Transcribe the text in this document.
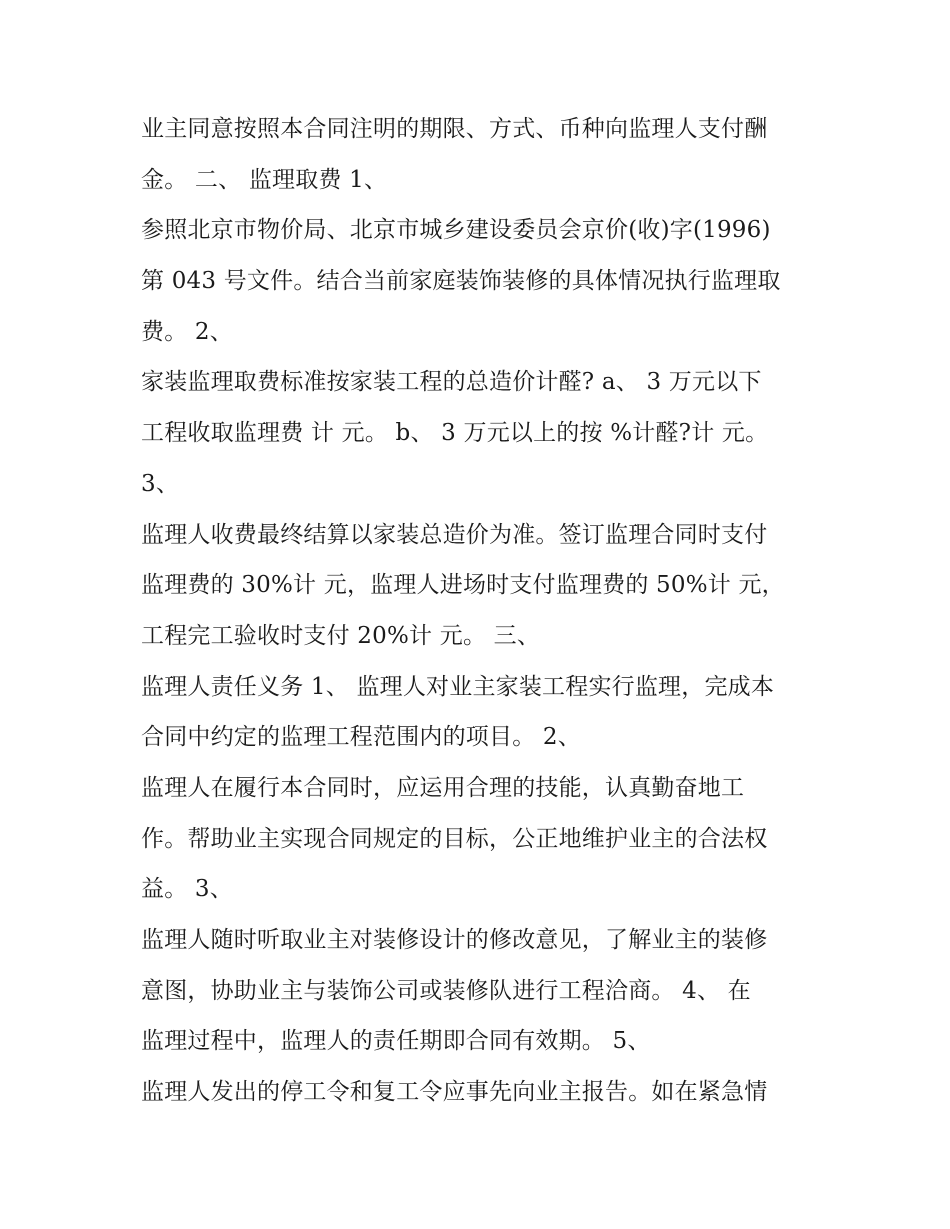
业主同意按照本合同注明的期限、方式、币种向监理人支付酬
金。 二、 监理取费 1、
参照北京市物价局、北京市城乡建设委员会京价(收)字(1996)
第 043 号文件。结合当前家庭装饰装修的具体情况执行监理取
费。 2、
家装监理取费标准按家装工程的总造价计醛? a、 3 万元以下
工程收取监理费 计 元。 b、 3 万元以上的按 %计醛?计 元。
3、
监理人收费最终结算以家装总造价为准。签订监理合同时支付
监理费的 30%计 元，监理人进场时支付监理费的 50%计 元，
工程完工验收时支付 20%计 元。 三、
监理人责任义务 1、 监理人对业主家装工程实行监理，完成本
合同中约定的监理工程范围内的项目。 2、
监理人在履行本合同时，应运用合理的技能，认真勤奋地工
作。帮助业主实现合同规定的目标，公正地维护业主的合法权
益。 3、
监理人随时听取业主对装修设计的修改意见，了解业主的装修
意图，协助业主与装饰公司或装修队进行工程洽商。 4、 在
监理过程中，监理人的责任期即合同有效期。 5、
监理人发出的停工令和复工令应事先向业主报告。如在紧急情
